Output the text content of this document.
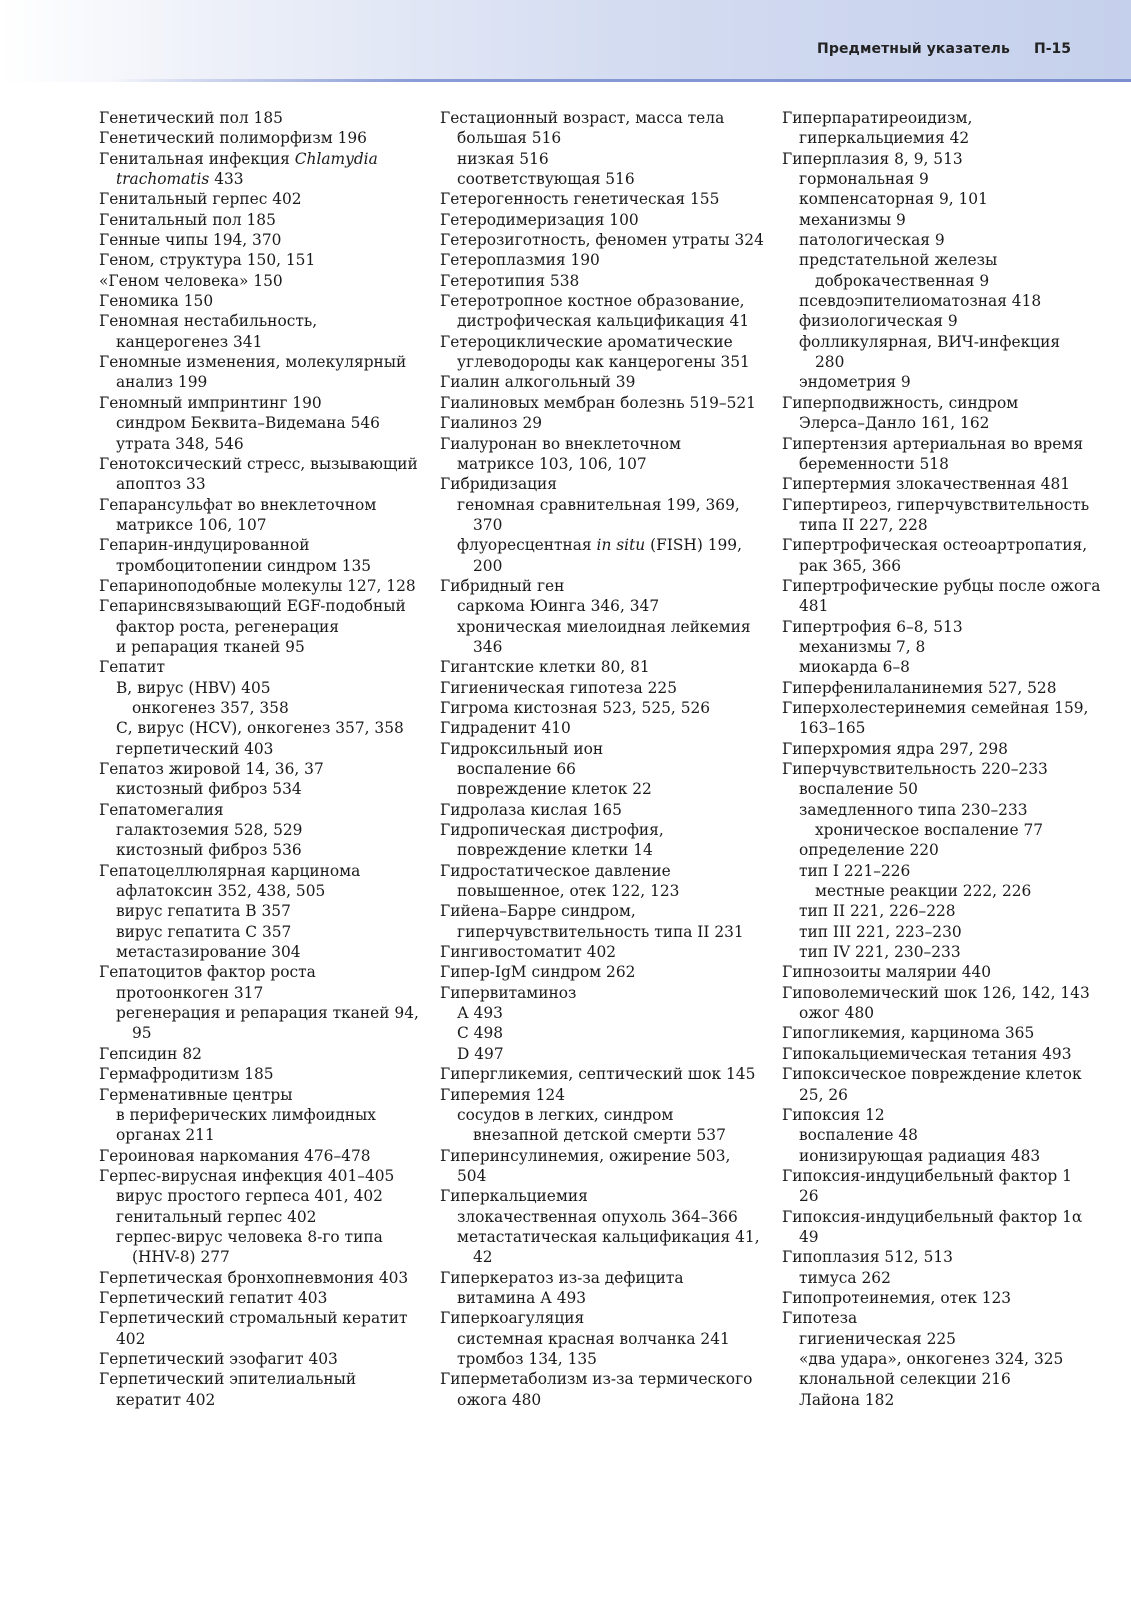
Предметный указатель П-15
Генетический пол 185
Генетический полиморфизм 196
Генитальная инфекция Chlamydia
trachomatis 433
Генитальный герпес 402
Генитальный пол 185
Генные чипы 194, 370
Геном, структура 150, 151
«Геном человека» 150
Геномика 150
Геномная нестабильность,
канцерогенез 341
Геномные изменения, молекулярный
анализ 199
Геномный импринтинг 190
синдром Беквита–Видемана 546
утрата 348, 546
Генотоксический стресс, вызывающий
апоптоз 33
Гепарансульфат во внеклеточном
матриксе 106, 107
Гепарин-индуцированной
тромбоцитопении синдром 135
Гепариноподобные молекулы 127, 128
Гепаринсвязывающий EGF-подобный
фактор роста, регенерация
и репарация тканей 95
Гепатит
В, вирус (HBV) 405
онкогенез 357, 358
С, вирус (HCV), онкогенез 357, 358
герпетический 403
Гепатоз жировой 14, 36, 37
кистозный фиброз 534
Гепатомегалия
галактоземия 528, 529
кистозный фиброз 536
Гепатоцеллюлярная карцинома
афлатоксин 352, 438, 505
вирус гепатита В 357
вирус гепатита С 357
метастазирование 304
Гепатоцитов фактор роста
протоонкоген 317
регенерация и репарация тканей 94,
95
Гепсидин 82
Гермафродитизм 185
Герменативные центры
в периферических лимфоидных
органах 211
Героиновая наркомания 476–478
Герпес-вирусная инфекция 401–405
вирус простого герпеса 401, 402
генитальный герпес 402
герпес-вирус человека 8-го типа
(HHV-8) 277
Герпетическая бронхопневмония 403
Герпетический гепатит 403
Герпетический стромальный кератит
402
Герпетический эзофагит 403
Герпетический эпителиальный
кератит 402
Гестационный возраст, масса тела
большая 516
низкая 516
соответствующая 516
Гетерогенность генетическая 155
Гетеродимеризация 100
Гетерозиготность, феномен утраты 324
Гетероплазмия 190
Гетеротипия 538
Гетеротропное костное образование,
дистрофическая кальцификация 41
Гетероциклические ароматические
углеводороды как канцерогены 351
Гиалин алкогольный 39
Гиалиновых мембран болезнь 519–521
Гиалиноз 29
Гиалуронан во внеклеточном
матриксе 103, 106, 107
Гибридизация
геномная сравнительная 199, 369,
370
флуоресцентная in situ (FISH) 199,
200
Гибридный ген
саркома Юинга 346, 347
хроническая миелоидная лейкемия
346
Гигантские клетки 80, 81
Гигиеническая гипотеза 225
Гигрома кистозная 523, 525, 526
Гидраденит 410
Гидроксильный ион
воспаление 66
повреждение клеток 22
Гидролаза кислая 165
Гидропическая дистрофия,
повреждение клетки 14
Гидростатическое давление
повышенное, отек 122, 123
Гийена–Барре синдром,
гиперчувствительность типа II 231
Гингивостоматит 402
Гипер-IgM синдром 262
Гипервитаминоз
А 493
С 498
D 497
Гипергликемия, септический шок 145
Гиперемия 124
сосудов в легких, синдром
внезапной детской смерти 537
Гиперинсулинемия, ожирение 503,
504
Гиперкальциемия
злокачественная опухоль 364–366
метастатическая кальцификация 41,
42
Гиперкератоз из-за дефицита
витамина А 493
Гиперкоагуляция
системная красная волчанка 241
тромбоз 134, 135
Гиперметаболизм из-за термического
ожога 480
Гиперпаратиреоидизм,
гиперкальциемия 42
Гиперплазия 8, 9, 513
гормональная 9
компенсаторная 9, 101
механизмы 9
патологическая 9
предстательной железы
доброкачественная 9
псевдоэпителиоматозная 418
физиологическая 9
фолликулярная, ВИЧ-инфекция
280
эндометрия 9
Гиперподвижность, синдром
Элерса–Данло 161, 162
Гипертензия артериальная во время
беременности 518
Гипертермия злокачественная 481
Гипертиреоз, гиперчувствительность
типа II 227, 228
Гипертрофическая остеоартропатия,
рак 365, 366
Гипертрофические рубцы после ожога
481
Гипертрофия 6–8, 513
механизмы 7, 8
миокарда 6–8
Гиперфенилаланинемия 527, 528
Гиперхолестеринемия семейная 159,
163–165
Гиперхромия ядра 297, 298
Гиперчувствительность 220–233
воспаление 50
замедленного типа 230–233
хроническое воспаление 77
определение 220
тип I 221–226
местные реакции 222, 226
тип II 221, 226–228
тип III 221, 223–230
тип IV 221, 230–233
Гипнозоиты малярии 440
Гиповолемический шок 126, 142, 143
ожог 480
Гипогликемия, карцинома 365
Гипокальциемическая тетания 493
Гипоксическое повреждение клеток
25, 26
Гипоксия 12
воспаление 48
ионизирующая радиация 483
Гипоксия-индуцибельный фактор 1
26
Гипоксия-индуцибельный фактор 1α
49
Гипоплазия 512, 513
тимуса 262
Гипопротеинемия, отек 123
Гипотеза
гигиеническая 225
«два удара», онкогенез 324, 325
клональной селекции 216
Лайона 182
